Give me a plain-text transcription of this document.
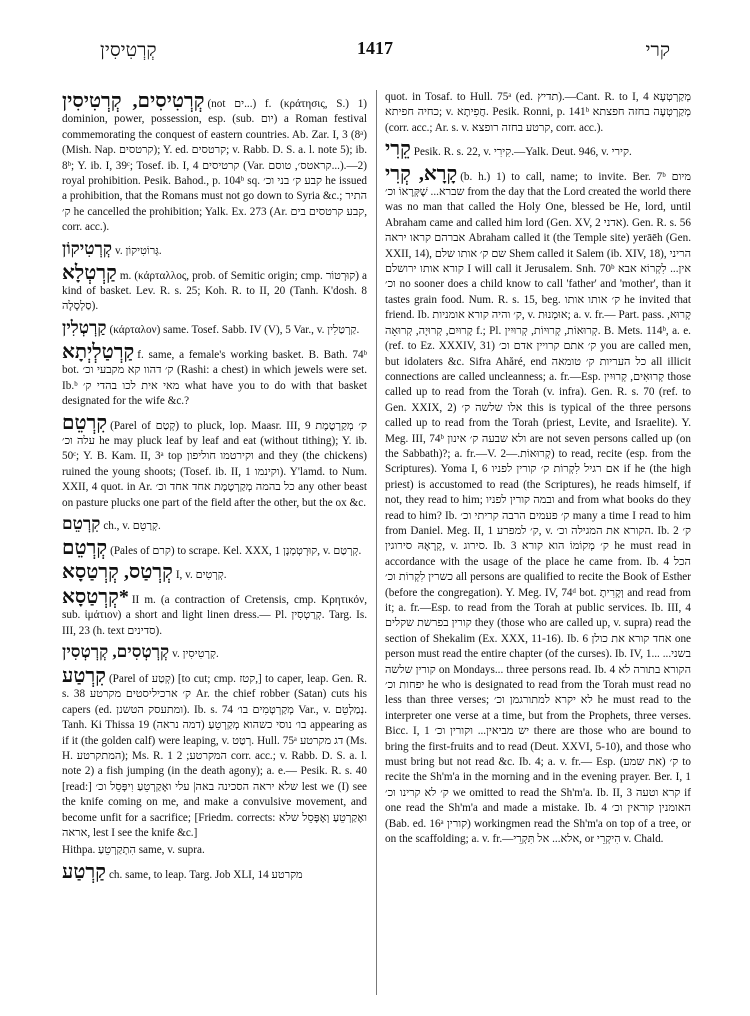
קְרְטִיסִין	1417	קרי

קְרְטִיסִים, קְרְטִיסִין (not ים...) f. (κράτησις, S.) 1) dominion, power, possession, esp. (sub. יום) a Roman festival commemorating the conquest of eastern countries. Ab. Zar. I, 3 (8ᵃ) (Mish. Nap. קרטסים); Y. ed. קרטסים; v. Rabb. D. S. a. l. note 5); ib. 8ᵇ; Y. ib. I, 39ᶜ; Tosef. ib. I, 4 קרטיסים (Var. קראטס׳, טוסם...).—2) royal prohibition. Pesik. Bahod., p. 104ᵇ sq. קבע ק׳ בני וכ׳ he issued a prohibition, that the Romans must not go down to Syria &c.; התיר ק׳ he cancelled the prohibition; Yalk. Ex. 273 (Ar. קבע קרטסים בים, corr. acc.).

קְרְטִיקוֹן v. גְּרוֹטִיקוֹן.

קַרְטְלָא m. (κάρταλλος, prob. of Semitic origin; cmp. קוּרְטוֹר) a kind of basket. Lev. R. s. 25; Koh. R. to II, 20 (Tanh. K'dosh. 8 סַלְסָלָה).

קַרְטְלִין (κάρταλον) same. Tosef. Sabb. IV (V), 5 Var., v. קַרְטַלִין.

קַרְטַלְיְתָא f. same, a female's working basket. B. Bath. 74ᵇ bot. ק׳ דהוו קא מקבעי וכ׳ (Rashi: a chest) in which jewels were set. Ib.ᵇ מאי אית לכו בהדי ק׳ what have you to do with that basket designated for the wife &c.?

קִרְטֵם (Parel of קְטַם) to pluck, lop. Maasr. III, 9 ק׳ מְקַרְטֶמֶת עלה וכ׳ he may pluck leaf by leaf and eat (without tithing); Y. ib. 50ᶜ; Y. B. Kam. II, 3ᵃ top וקירטמו חוליפון and they (the chickens) ruined the young shoots; (Tosef. ib. II, 1 וקינמו). Y'lamd. to Num. XXII, 4 quot. in Ar. כל בהמה מְקַרְטֶמֶת אחד אחד וכ׳ any other beast on pasture plucks one part of the field after the other, but the ox &c.

קִרְטֵם ch., v. קְרַטֵם.

קְרְטֵם (Pales of קרם) to scrape. Kel. XXX, 1 קוּרְטְמְנָן, v. קְרְטַם.

קְרְטַס, קְרְטַסָא I, v. קְרְטִים.

*קְרְטַסָא II m. (a contraction of Cretensis, cmp. Κρητικόν, sub. ἱμάτιον) a short and light linen dress.— Pl. קְרַטְסִין. Targ. Is. III, 23 (h. text סדינים).

קְרְטְסִים, קְרְטְסִין v. קְרְטִיסִין.

קִרְטַע (Parel of קְטַע) [to cut; cmp. קטז,] to caper, leap. Gen. R. s. 38 ק׳ ארכיליסטים מקרטע Ar. the chief robber (Satan) cuts his capers (ed. ומתעסק הטשנן). Ib. s. 74 מְקַרְטְמִים בו׳ Var., v. נְמַלְטֵם. Tanh. Ki Thissa 19 בו׳ נוסי כשהוא מְקַרְטֵעַ (דמה נראה) appearing as if it (the golden calf) were leaping, v. רְטַט. Hull. 75ᵃ דג מקרטע (Ms. H. המתקרטע); Ms. R. 1 המקרטע; 2 corr. acc.; v. Rabb. D. S. a. l. note 2) a fish jumping (in the death agony); a. e.— Pesik. R. s. 40 [read:] שלא יראה הסכינה באה| עלי ואֶקַרְטֵעַ וִיפָּסֵל וכ׳ lest we (I) see the knife coming on me, and make a convulsive movement, and become unfit for a sacrifice; [Friedm. corrects: ואֶקַרְטֵעַ וְאֶפָּסֵל שלא אראה, lest I see the knife &c.]

Hithpa. הִתְקַרְטֵעַ same, v. supra.

קַרְטַע ch. same, to leap. Targ. Job XLI, 14 מקרטע

quot. in Tosaf. to Hull. 75ᵃ (ed. תדיץ).—Cant. R. to I, 4 מְקַרְטְעָא כחיה חפיתא; v. חֲפִיתָא. Pesik. Ronni, p. 141ᵇ מְקַרְטְעָה בחזה חפצתא (corr. acc.; Ar. s. v. קרטע בחזה רופצא, corr. acc.).

קֵרִי Pesik. R. s. 22, v. קִירִי.—Yalk. Deut. 946, v. קירי.

קָרָא, קְרִי (b. h.) 1) to call, name; to invite. Ber. 7ᵇ מיום שברא... שֶׁקְּרָאוֹ וכ׳ from the day that the Lord created the world there was no man that called the Holy One, blessed be He, lord, until Abraham came and called him lord (Gen. XV, 2 אדני). Gen. R. s. 56 אברהם קראו יראה Abraham called it (the Temple site) yerāēh (Gen. XXII, 14), שם ק׳ אותו שלם Shem called it Salem (ib. XIV, 18), הריני קורא אותו ירושלם I will call it Jerusalem. Snh. 70ᵇ אין... לִקְרוֹא אבא וכ׳ no sooner does a child know to call 'father' and 'mother', than it tastes grain food. Num. R. s. 15, beg. ק׳ אותו אותו he invited that friend. Ib. ק׳ והיה קורא אומניות, v. אוּמְנוּת; a. v. fr.— Part. pass. קָרוּא, קָרוּיִם, קְרוּיָה, קְרוּאָה f.; Pl. קְרוּאוֹת, קְרוּיוֹת, קְרוּיִין. B. Mets. 114ᵇ, a. e. (ref. to Ez. XXXIV, 31) ק׳ אתם קרויין אדם וכ׳ you are called men, but idolaters &c. Sifra Ahăré, end כל העריות ק׳ טומאה all illicit connections are called uncleanness; a. fr.—Esp. קְרוּאִים, קְרוּיִין those called up to read from the Torah (v. infra). Gen. R. s. 70 (ref. to Gen. XXIX, 2) אלו שלשה ק׳ this is typical of the three persons called up to read from the Torah (priest, Levite, and Israelite). Y. Meg. III, 74ᵇ ולא שבעה ק׳ אינון are not seven persons called up (on the Sabbath)?; a. fr.—V. קְרוּאוֹת.—2) to read, recite (esp. from the Scriptures). Yoma I, 6 אם רגיל לִקְרוֹת ק׳ קורין לפניו if he (the high priest) is accustomed to read (the Scriptures), he reads himself, if not, they read to him; ובמה קורין לפניו and from what books do they read to him? Ib. ק׳ פעמים הרבה קריתי וכ׳ many a time I read to him from Daniel. Meg. II, 1 ק׳ למפרע, v. הקורא את המגילה וכ׳. Ib. 2 ק׳ קְרָאָהּ סירוגין, v. סירוג. Ib. 3 ק׳ מְקוֹמוֹ הוא קורא he must read in accordance with the usage of the place he came from. Ib. 4 הכל כשרין לִקְרוֹת וכ׳ all persons are qualified to recite the Book of Esther (before the congregation). Y. Meg. IV, 74ᵈ bot. וְקָרִיתָ and read from it; a. fr.—Esp. to read from the Torah at public services. Ib. III, 4 קורין בפרשת שקלים they (those who are called up, v. supra) read the section of Shekalim (Ex. XXX, 11-16). Ib. 6 אחד קורא את כולן one person must read the entire chapter (of the curses). Ib. IV, 1... בשני... קורין שלשה on Mondays... three persons read. Ib. 4 הקורא בתורה לא יפחות וכ׳ he who is designated to read from the Torah must read no less than three verses; לא יקרא למתורגמן וכ׳ he must read to the interpreter one verse at a time, but from the Prophets, three verses. Bicc. I, 1 יש מביאין... וקורין וכ׳ there are those who are bound to bring the first-fruits and to read (Deut. XXVI, 5-10), and those who must bring but not read &c. Ib. 4; a. v. fr.— Esp. ק׳ (את שמע) to recite the Sh'm'a in the morning and in the evening prayer. Ber. I, 1 ק׳ לא קרינו וכ׳ we omitted to read the Sh'm'a. Ib. II, 3 קרא וטעה if one read the Sh'm'a and made a mistake. Ib. 4 האומנין קוראין וכ׳ (Bab. ed. 16ᵃ קורין) workingmen read the Sh'm'a on top of a tree, or on the scaffolding; a. v. fr.—אלא... אל תִּקְרֵי, or הִיקְרֵי v. Chald.
